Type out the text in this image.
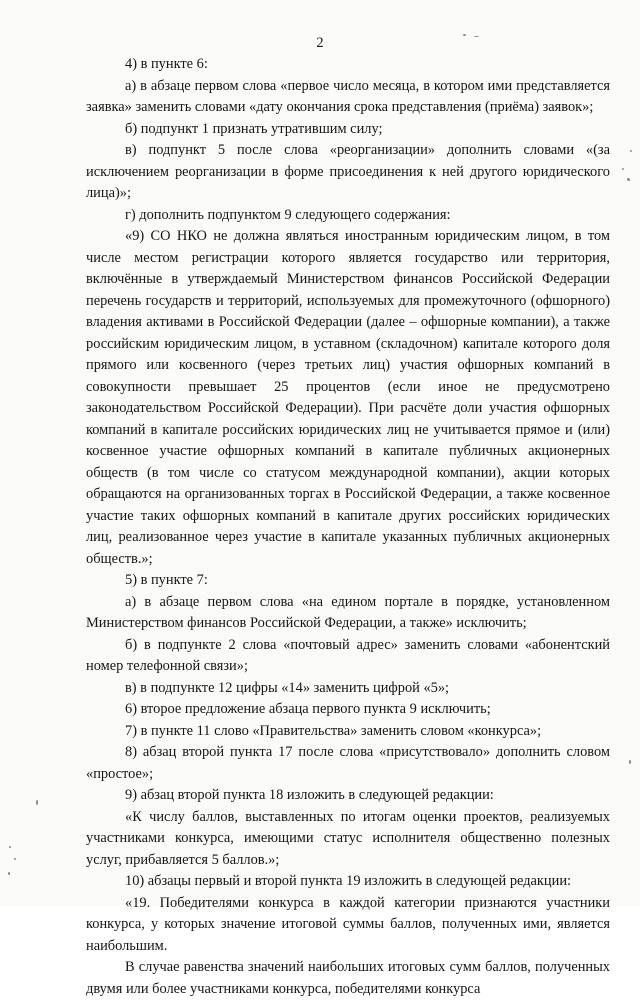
2

4) в пункте 6:

а) в абзаце первом слова «первое число месяца, в котором ими представляется заявка» заменить словами «дату окончания срока представления (приёма) заявок»;

б) подпункт 1 признать утратившим силу;

в) подпункт 5 после слова «реорганизации» дополнить словами «(за исключением реорганизации в форме присоединения к ней другого юридического лица)»;

г) дополнить подпунктом 9 следующего содержания:

«9) СО НКО не должна являться иностранным юридическим лицом, в том числе местом регистрации которого является государство или территория, включённые в утверждаемый Министерством финансов Российской Федерации перечень государств и территорий, используемых для промежуточного (офшорного) владения активами в Российской Федерации (далее – офшорные компании), а также российским юридическим лицом, в уставном (складочном) капитале которого доля прямого или косвенного (через третьих лиц) участия офшорных компаний в совокупности превышает 25 процентов (если иное не предусмотрено законодательством Российской Федерации). При расчёте доли участия офшорных компаний в капитале российских юридических лиц не учитывается прямое и (или) косвенное участие офшорных компаний в капитале публичных акционерных обществ (в том числе со статусом международной компании), акции которых обращаются на организованных торгах в Российской Федерации, а также косвенное участие таких офшорных компаний в капитале других российских юридических лиц, реализованное через участие в капитале указанных публичных акционерных обществ.»;

5) в пункте 7:

а) в абзаце первом слова «на едином портале в порядке, установленном Министерством финансов Российской Федерации, а также» исключить;

б) в подпункте 2 слова «почтовый адрес» заменить словами «абонентский номер телефонной связи»;

в) в подпункте 12 цифры «14» заменить цифрой «5»;

6) второе предложение абзаца первого пункта 9 исключить;

7) в пункте 11 слово «Правительства» заменить словом «конкурса»;

8) абзац второй пункта 17 после слова «присутствовало» дополнить словом «простое»;

9) абзац второй пункта 18 изложить в следующей редакции:

«К числу баллов, выставленных по итогам оценки проектов, реализуемых участниками конкурса, имеющими статус исполнителя общественно полезных услуг, прибавляется 5 баллов.»;

10) абзацы первый и второй пункта 19 изложить в следующей редакции:

«19. Победителями конкурса в каждой категории признаются участники конкурса, у которых значение итоговой суммы баллов, полученных ими, является наибольшим.

В случае равенства значений наибольших итоговых сумм баллов, полученных двумя или более участниками конкурса, победителями конкурса
